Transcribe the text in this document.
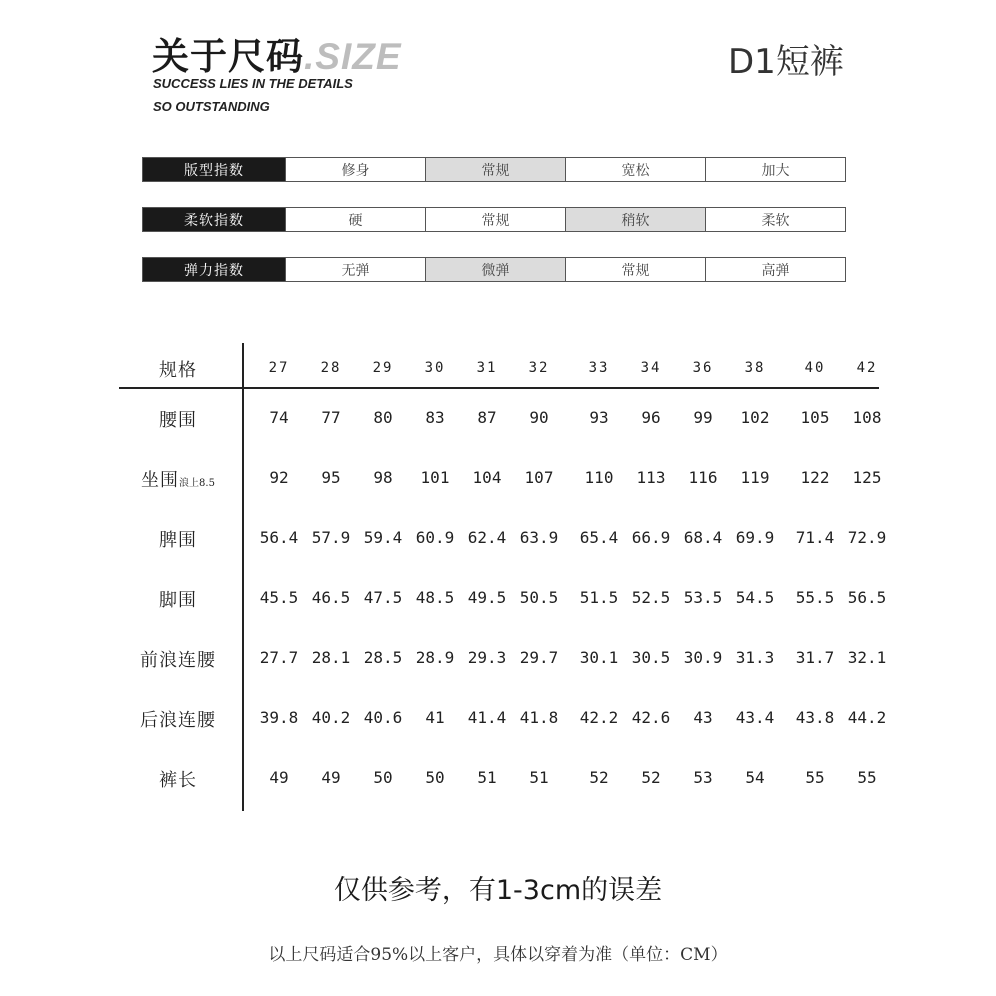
关于尺码.SIZE
SUCCESS LIES IN THE DETAILS
SO OUTSTANDING
D1短裤
版型指数	修身	常规	宽松	加大
柔软指数	硬	常规	稍软	柔软
弹力指数	无弹	微弹	常规	高弹
规格	27	28	29	30	31	32	33	34	36	38	40	42
腰围	74	77	80	83	87	90	93	96	99	102	105	108
坐围浪上8.5	92	95	98	101	104	107	110	113	116	119	122	125
脾围	56.4 57.9 59.4 60.9 62.4 63.9	65.4 66.9 68.4 69.9	71.4 72.9
脚围	45.5 46.5 47.5 48.5 49.5 50.5	51.5 52.5 53.5 54.5	55.5 56.5
前浪连腰	27.7 28.1 28.5 28.9 29.3 29.7	30.1 30.5 30.9 31.3	31.7 32.1
后浪连腰	39.8 40.2 40.6	41	41.4 41.8	42.2 42.6	43	43.4	43.8 44.2
裤长	49	49	50	50	51	51	52	52	53	54	55	55
仅供参考，有1-3cm的误差
以上尺码适合95%以上客户，具体以穿着为准（单位：CM）
